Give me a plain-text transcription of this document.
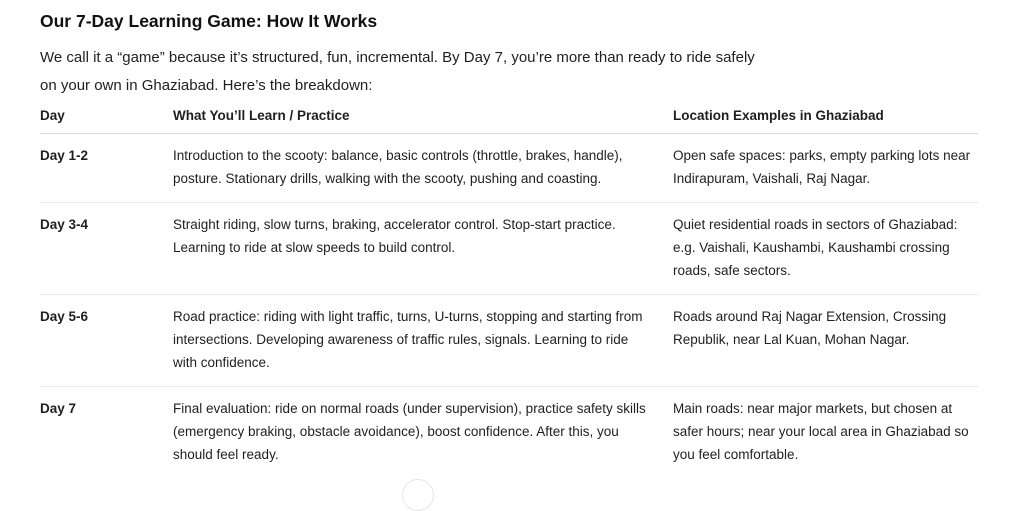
Our 7-Day Learning Game: How It Works

We call it a “game” because it’s structured, fun, incremental. By Day 7, you’re more than ready to ride safely
on your own in Ghaziabad. Here’s the breakdown:

Day	What You’ll Learn / Practice	Location Examples in Ghaziabad
Day 1-2	Introduction to the scooty: balance, basic controls (throttle, brakes, handle), posture. Stationary drills, walking with the scooty, pushing and coasting.	Open safe spaces: parks, empty parking lots near Indirapuram, Vaishali, Raj Nagar.
Day 3-4	Straight riding, slow turns, braking, accelerator control. Stop-start practice. Learning to ride at slow speeds to build control.	Quiet residential roads in sectors of Ghaziabad: e.g. Vaishali, Kaushambi, Kaushambi crossing roads, safe sectors.
Day 5-6	Road practice: riding with light traffic, turns, U-turns, stopping and starting from intersections. Developing awareness of traffic rules, signals. Learning to ride with confidence.	Roads around Raj Nagar Extension, Crossing Republik, near Lal Kuan, Mohan Nagar.
Day 7	Final evaluation: ride on normal roads (under supervision), practice safety skills (emergency braking, obstacle avoidance), boost confidence. After this, you should feel ready.	Main roads: near major markets, but chosen at safer hours; near your local area in Ghaziabad so you feel comfortable.
